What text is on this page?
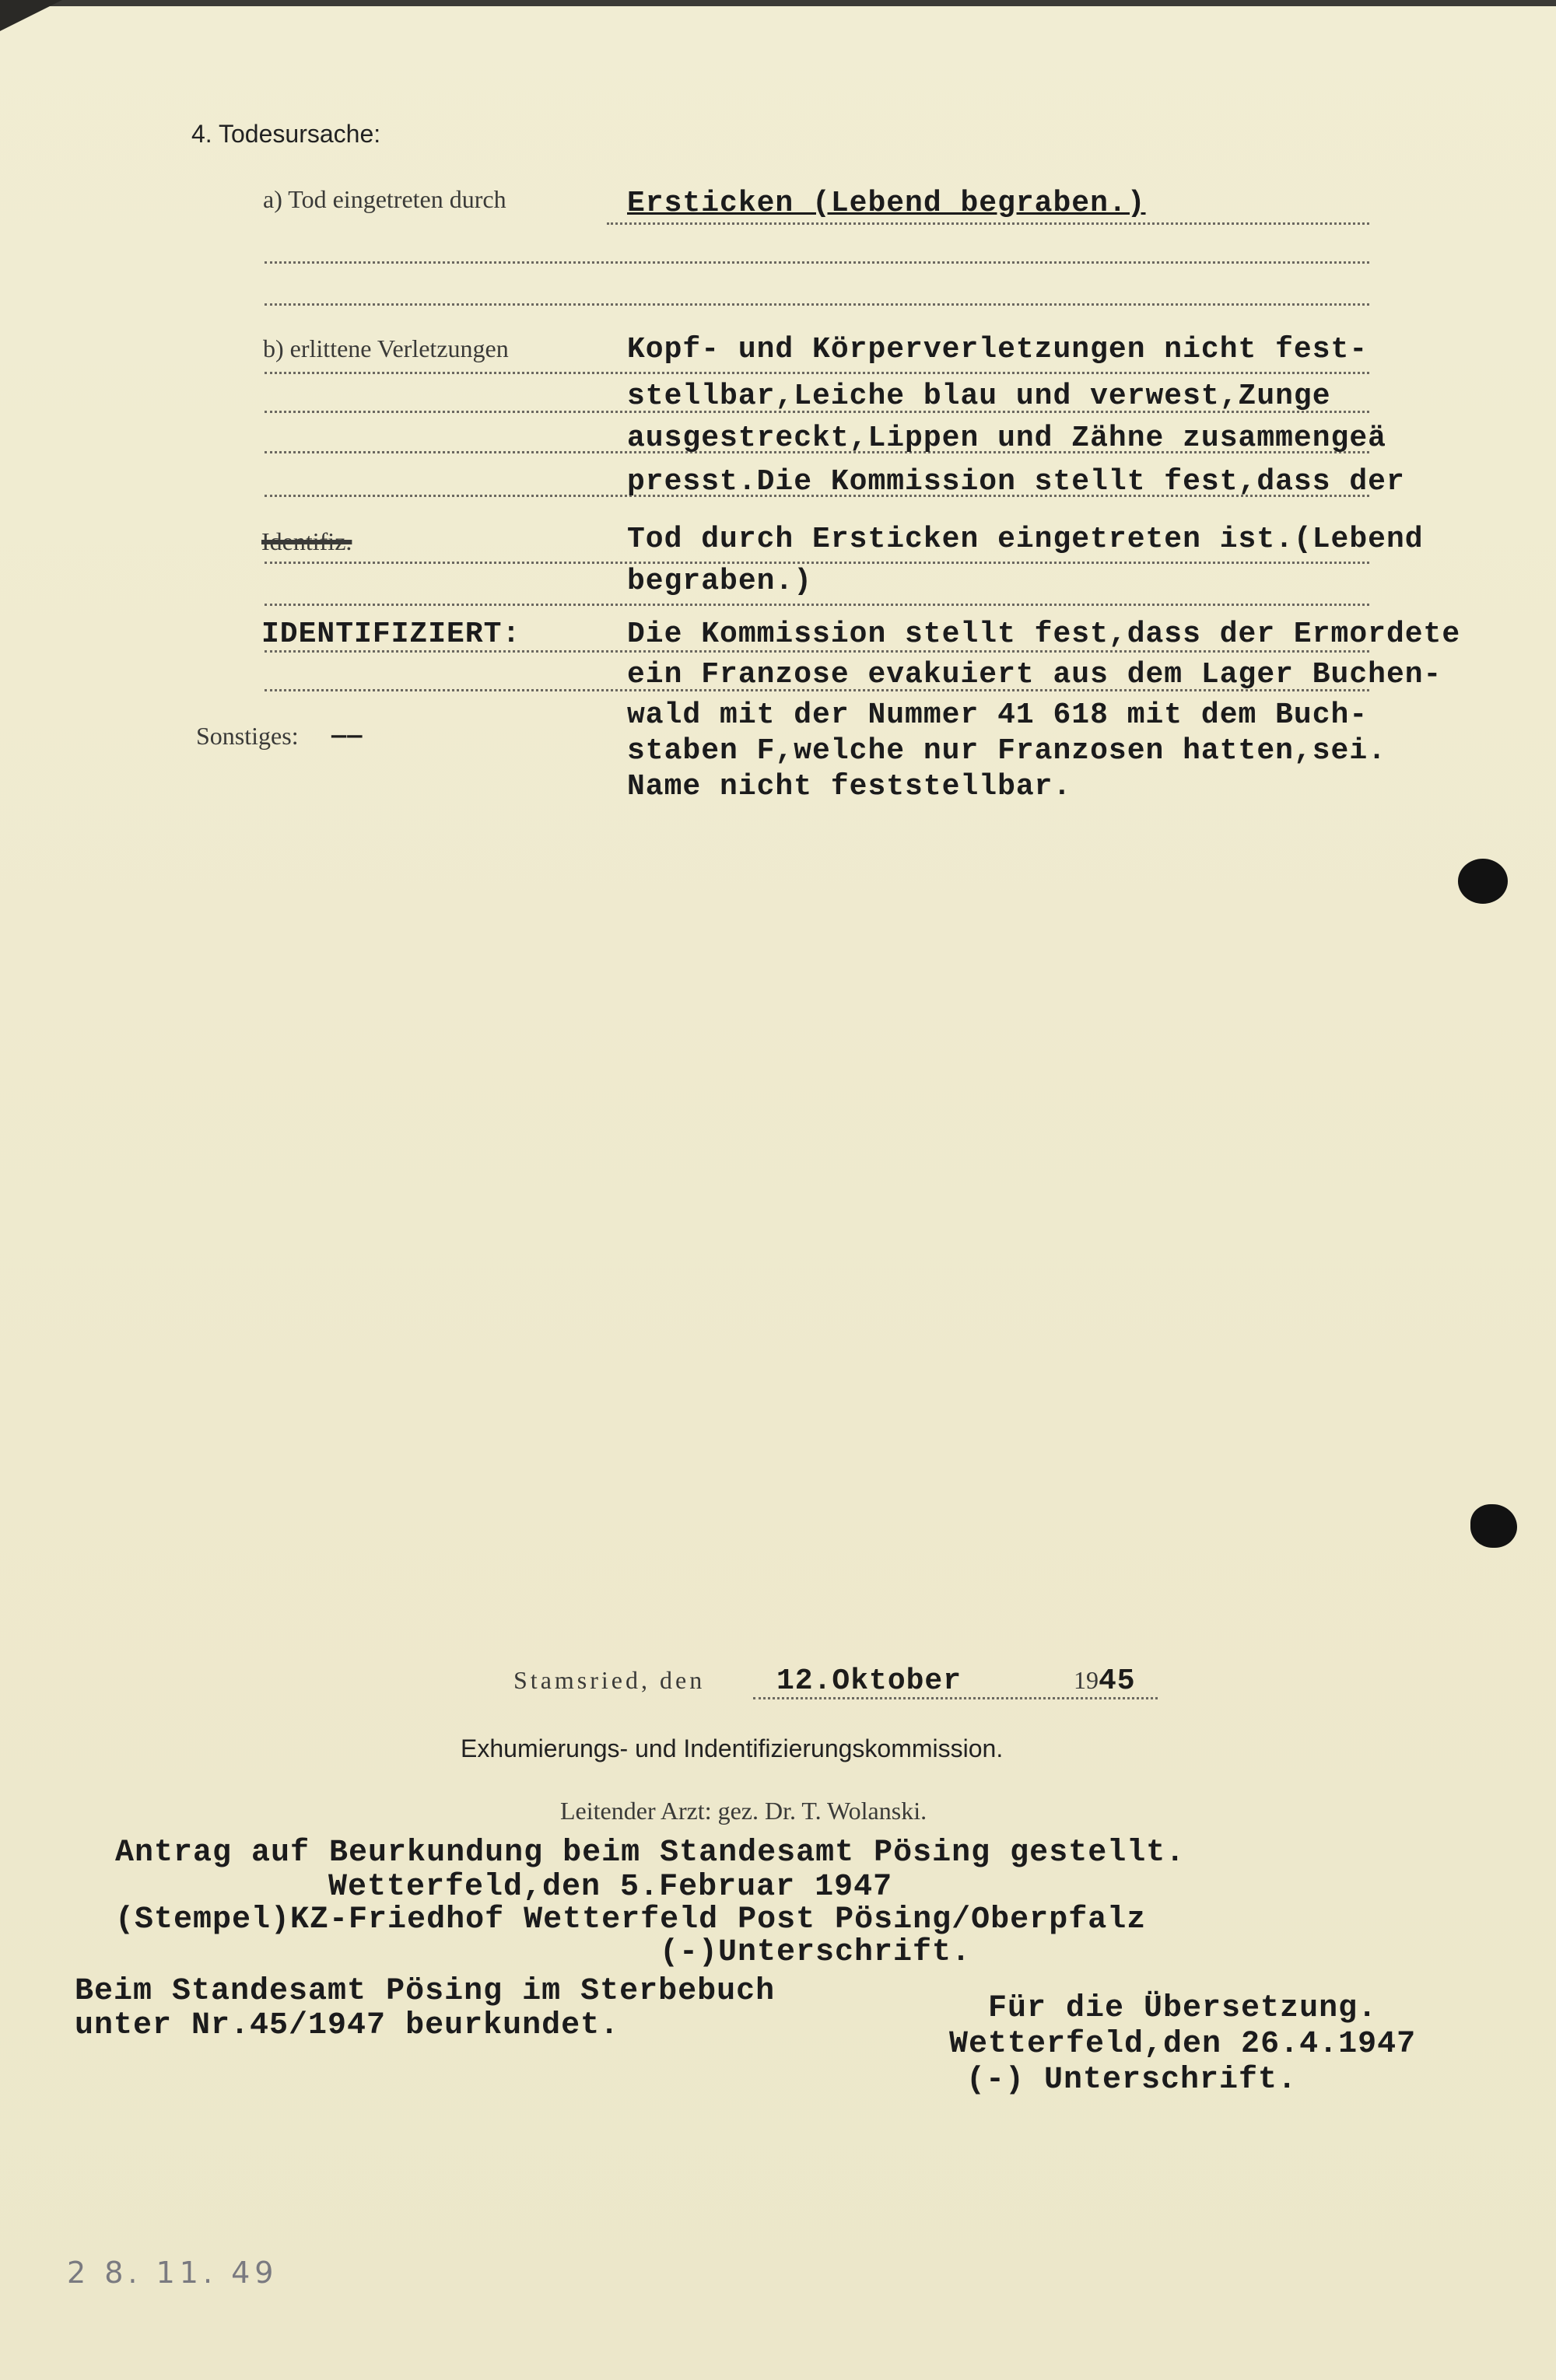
4. Todesursache:
a) Tod eingetreten durch	Ersticken (Lebend begraben.)
b) erlittene Verletzungen	Kopf- und Körperverletzungen nicht fest-
stellbar,Leiche blau und verwest,Zunge
ausgestreckt,Lippen und Zähne zusammengeä
presst.Die Kommission stellt fest,dass der
Tod durch Ersticken eingetreten ist.(Lebend
begraben.)
Identifiz.
IDENTIFIZIERT:	Die Kommission stellt fest,dass der Ermordete
ein Franzose evakuiert aus dem Lager Buchen-
wald mit der Nummer 41 618 mit dem Buch-
staben F,welche nur Franzosen hatten,sei.
Name nicht feststellbar.
Sonstiges: ——
Stamsried, den 12.Oktober	19 45
Exhumierungs- und Indentifizierungskommission.
Leitender Arzt: gez. Dr. T. Wolanski.
Antrag auf Beurkundung beim Standesamt Pösing gestellt.
Wetterfeld,den 5.Februar 1947
(Stempel)KZ-Friedhof Wetterfeld Post Pösing/Oberpfalz
(-)Unterschrift.
Beim Standesamt Pösing im Sterbebuch
unter Nr.45/1947 beurkundet.	Für die Übersetzung.
Wetterfeld,den 26.4.1947
(-) Unterschrift.
2 8. 11. 49
